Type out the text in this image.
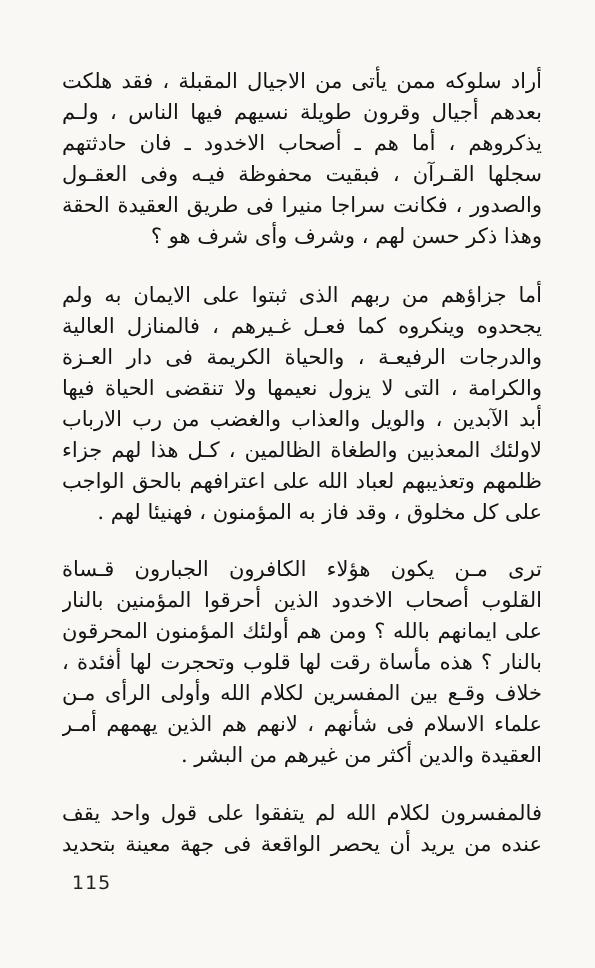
أراد سلوكه ممن يأتى من الاجيال المقبلة ، فقد هلكت
بعدهم أجيال وقرون طويلة نسيهم فيها الناس ، ولـم
يذكروهم ، أما هم ـ أصحاب الاخدود ـ فان حادثتهم
سجلها القـرآن ، فبقيت محفوظة فيـه وفى العقـول
والصدور ، فكانت سراجا منيرا فى طريق العقيدة الحقة
وهذا ذكر حسن لهم ، وشرف وأى شرف هو ؟
أما جزاؤهم من ربهم الذى ثبتوا على الايمان به ولم
يجحدوه وينكروه كما فعـل غـيرهم ، فالمنازل العالية
والدرجات الرفيعـة ، والحياة الكريمة فى دار العـزة
والكرامة ، التى لا يزول نعيمها ولا تنقضى الحياة فيها
أبد الآبدين ، والويل والعذاب والغضب من رب الارباب
لاولئك المعذبين والطغاة الظالمين ، كـل هذا لهم جزاء
ظلمهم وتعذيبهم لعباد الله على اعترافهم بالحق الواجب
على كل مخلوق ، وقد فاز به المؤمنون ، فهنيئا لهم .
ترى مـن يكون هؤلاء الكافرون الجبارون قـساة
القلوب أصحاب الاخدود الذين أحرقوا المؤمنين بالنار
على ايمانهم بالله ؟ ومن هم أولئك المؤمنون المحرقون
بالنار ؟ هذه مأساة رقت لها قلوب وتحجرت لها أفئدة ،
خلاف وقـع بين المفسرين لكلام الله وأولى الرأى مـن
علماء الاسلام فى شأنهم ، لانهم هم الذين يهمهم أمـر
العقيدة والدين أكثر من غيرهم من البشر .
فالمفسرون لكلام الله لم يتفقوا على قول واحد يقف
عنده من يريد أن يحصر الواقعة فى جهة معينة بتحديد
115
